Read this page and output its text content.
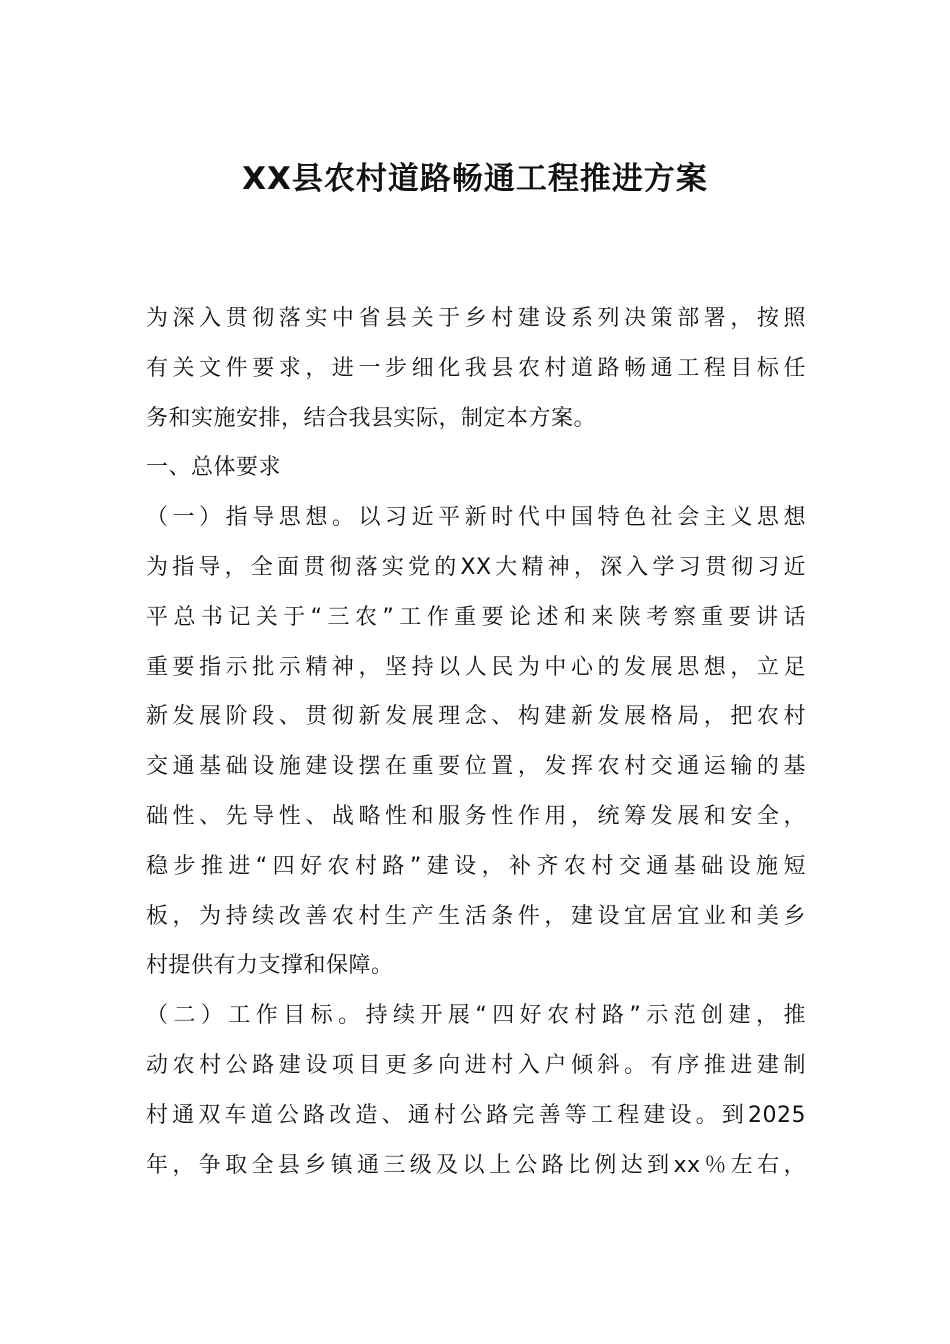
XX县农村道路畅通工程推进方案
为深入贯彻落实中省县关于乡村建设系列决策部署，按照
有关文件要求，进一步细化我县农村道路畅通工程目标任
务和实施安排，结合我县实际，制定本方案。
一、总体要求
（一）指导思想。以习近平新时代中国特色社会主义思想
为指导，全面贯彻落实党的XX大精神，深入学习贯彻习近
平总书记关于“三农”工作重要论述和来陕考察重要讲话
重要指示批示精神，坚持以人民为中心的发展思想，立足
新发展阶段、贯彻新发展理念、构建新发展格局，把农村
交通基础设施建设摆在重要位置，发挥农村交通运输的基
础性、先导性、战略性和服务性作用，统筹发展和安全，
稳步推进“四好农村路”建设，补齐农村交通基础设施短
板，为持续改善农村生产生活条件，建设宜居宜业和美乡
村提供有力支撑和保障。
（二）工作目标。持续开展“四好农村路”示范创建，推
动农村公路建设项目更多向进村入户倾斜。有序推进建制
村通双车道公路改造、通村公路完善等工程建设。到2025
年，争取全县乡镇通三级及以上公路比例达到xx％左右，
